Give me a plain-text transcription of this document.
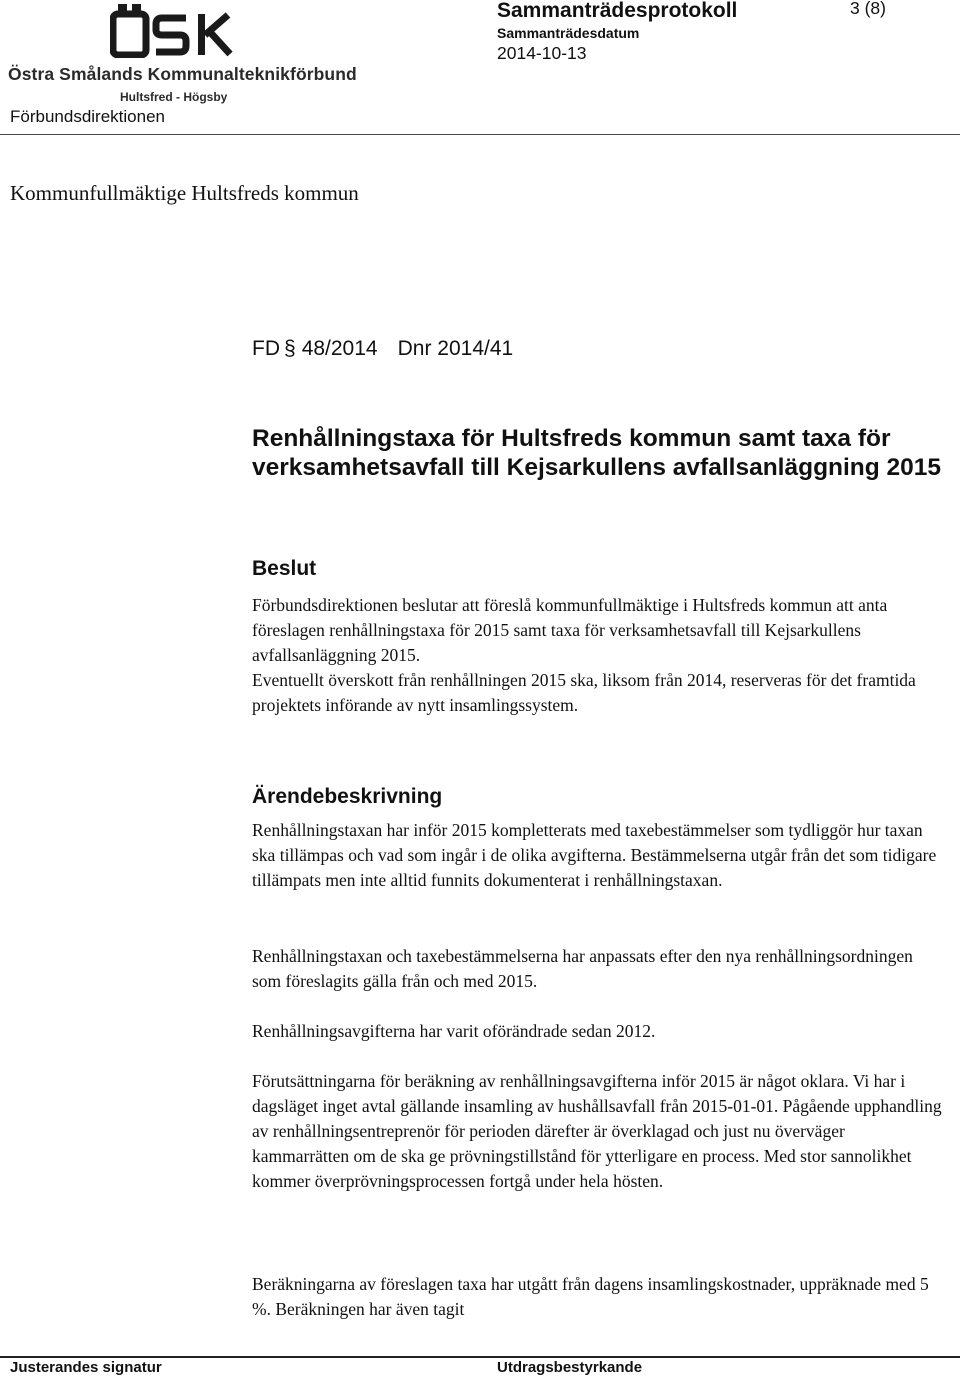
Östra Smålands Kommunalteknikförbund
Hultsfred - Högsby
Förbundsdirektionen
Sammanträdesprotokoll
Sammanträdesdatum
2014-10-13
3 (8)
Kommunfullmäktige Hultsfreds kommun
FD § 48/2014 Dnr 2014/41
Renhållningstaxa för Hultsfreds kommun samt taxa för verksamhetsavfall till Kejsarkullens avfallsanläggning 2015
Beslut

Förbundsdirektionen beslutar att föreslå kommunfullmäktige i Hultsfreds kommun att anta föreslagen renhållningstaxa för 2015 samt taxa för verksamhetsavfall till Kejsarkullens avfallsanläggning 2015.

Eventuellt överskott från renhållningen 2015 ska, liksom från 2014, reserveras för det framtida projektets införande av nytt insamlingssystem.

Ärendebeskrivning

Renhållningstaxan har inför 2015 kompletterats med taxebestämmelser som tydliggör hur taxan ska tillämpas och vad som ingår i de olika avgifterna. Bestämmelserna utgår från det som tidigare tillämpats men inte alltid funnits dokumenterat i renhållningstaxan.

Renhållningstaxan och taxebestämmelserna har anpassats efter den nya renhållningsordningen som föreslagits gälla från och med 2015.

Renhållningsavgifterna har varit oförändrade sedan 2012.

Förutsättningarna för beräkning av renhållningsavgifterna inför 2015 är något oklara. Vi har i dagsläget inget avtal gällande insamling av hushållsavfall från 2015-01-01. Pågående upphandling av renhållningsentreprenör för perioden därefter är överklagad och just nu överväger kammarrätten om de ska ge prövningstillstånd för ytterligare en process. Med stor sannolikhet kommer överprövningsprocessen fortgå under hela hösten.

Beräkningarna av föreslagen taxa har utgått från dagens insamlingskostnader, uppräknade med 5 %. Beräkningen har även tagit

Justerandes signatur	Utdragsbestyrkande
